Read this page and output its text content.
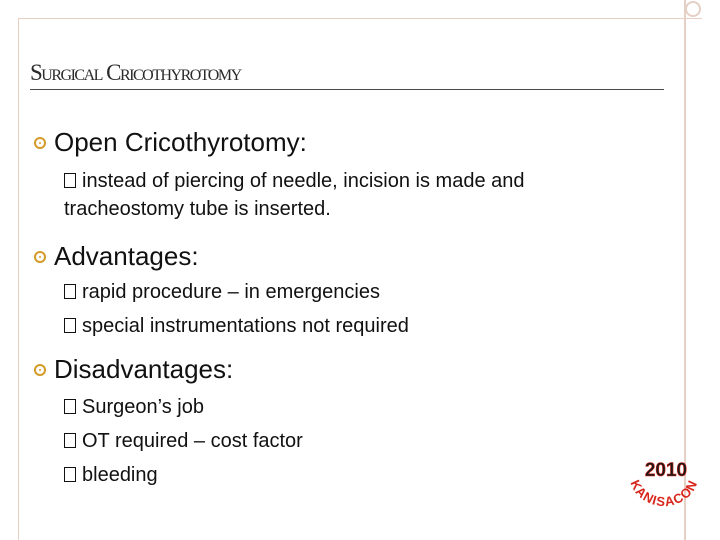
Surgical Cricothyrotomy
Open Cricothyrotomy:
instead of piercing of needle, incision is made and tracheostomy tube is inserted.
Advantages:
rapid procedure – in emergencies
special instrumentations not required
Disadvantages:
Surgeon’s job
OT required – cost factor
bleeding	2010
KANISACON
